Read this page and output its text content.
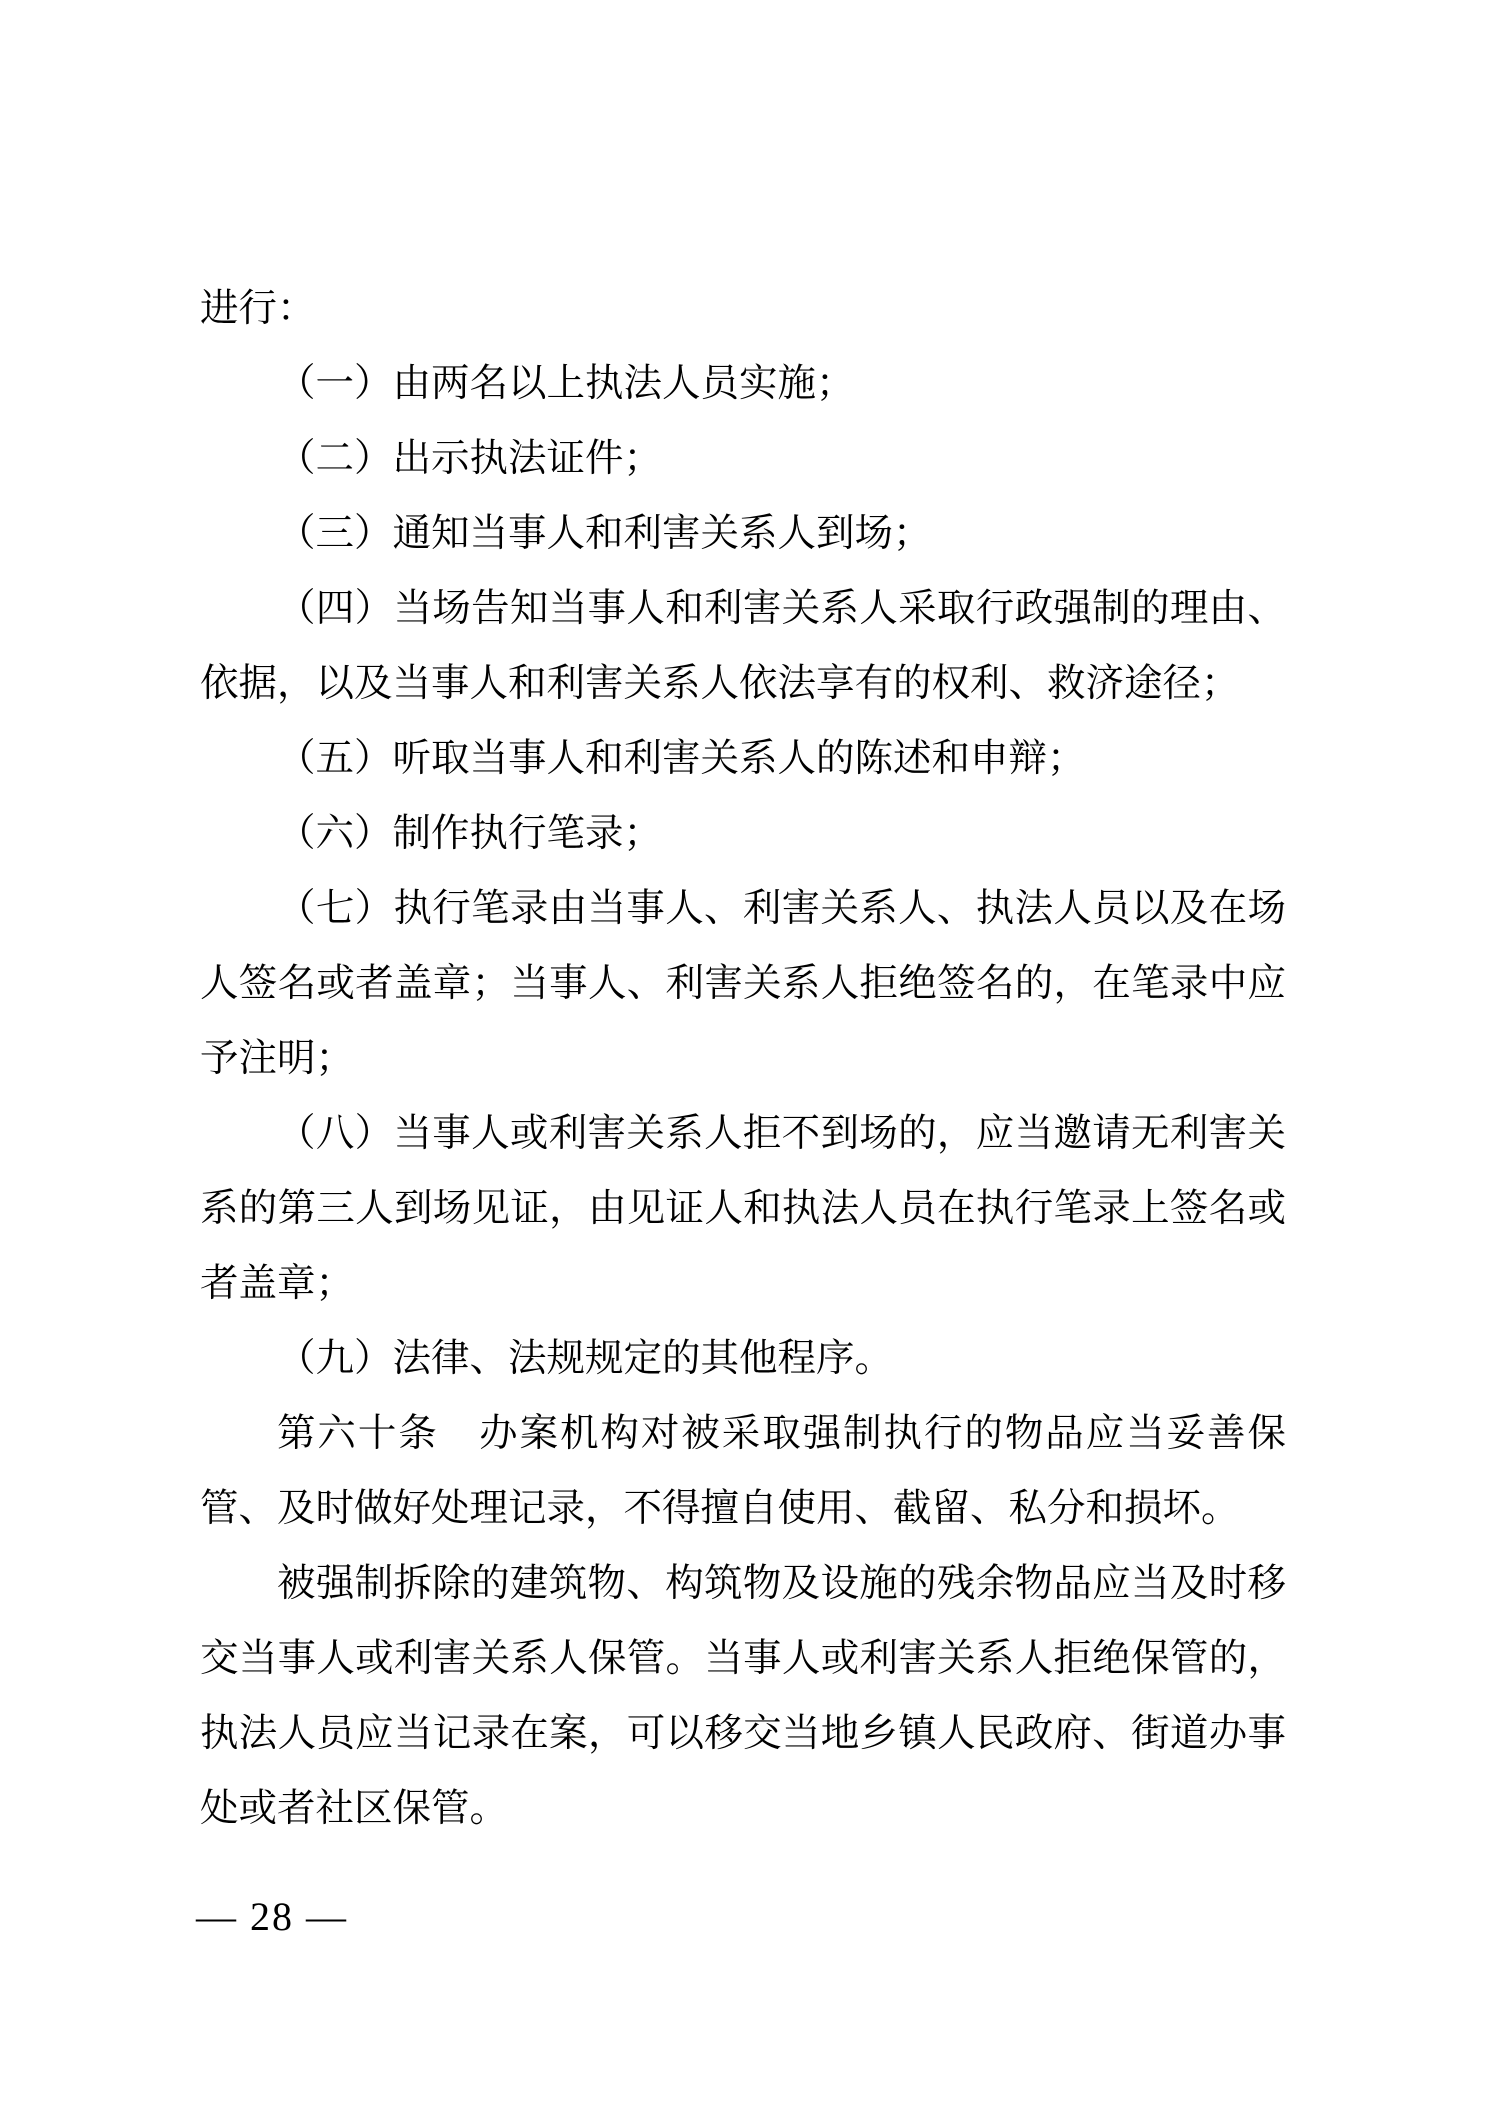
进行：
（一）由两名以上执法人员实施；
（二）出示执法证件；
（三）通知当事人和利害关系人到场；
（四）当场告知当事人和利害关系人采取行政强制的理由、
依据，以及当事人和利害关系人依法享有的权利、救济途径；
（五）听取当事人和利害关系人的陈述和申辩；
（六）制作执行笔录；
（七）执行笔录由当事人、利害关系人、执法人员以及在场
人签名或者盖章；当事人、利害关系人拒绝签名的，在笔录中应
予注明；
（八）当事人或利害关系人拒不到场的，应当邀请无利害关
系的第三人到场见证，由见证人和执法人员在执行笔录上签名或
者盖章；
（九）法律、法规规定的其他程序。
第六十条　办案机构对被采取强制执行的物品应当妥善保
管、及时做好处理记录，不得擅自使用、截留、私分和损坏。
被强制拆除的建筑物、构筑物及设施的残余物品应当及时移
交当事人或利害关系人保管。当事人或利害关系人拒绝保管的，
执法人员应当记录在案，可以移交当地乡镇人民政府、街道办事
处或者社区保管。
— 28 —
